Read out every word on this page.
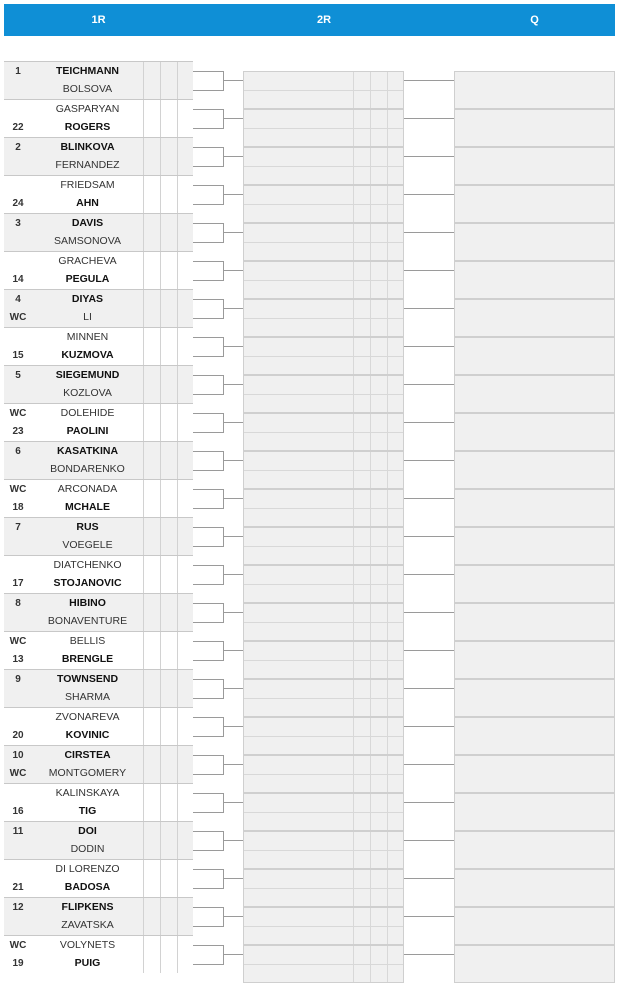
1R	2R	Q
1	TEICHMANN
BOLSOVA
GASPARYAN
22	ROGERS
2	BLINKOVA
FERNANDEZ
FRIEDSAM
24	AHN
3	DAVIS
SAMSONOVA
GRACHEVA
14	PEGULA
4	DIYAS
WC	LI
MINNEN
15	KUZMOVA
5	SIEGEMUND
KOZLOVA
WC	DOLEHIDE
23	PAOLINI
6	KASATKINA
BONDARENKO
WC	ARCONADA
18	MCHALE
7	RUS
VOEGELE
DIATCHENKO
17	STOJANOVIC
8	HIBINO
BONAVENTURE
WC	BELLIS
13	BRENGLE
9	TOWNSEND
SHARMA
ZVONAREVA
20	KOVINIC
10	CIRSTEA
WC	MONTGOMERY
KALINSKAYA
16	TIG
11	DOI
DODIN
DI LORENZO
21	BADOSA
12	FLIPKENS
ZAVATSKA
WC	VOLYNETS
19	PUIG
